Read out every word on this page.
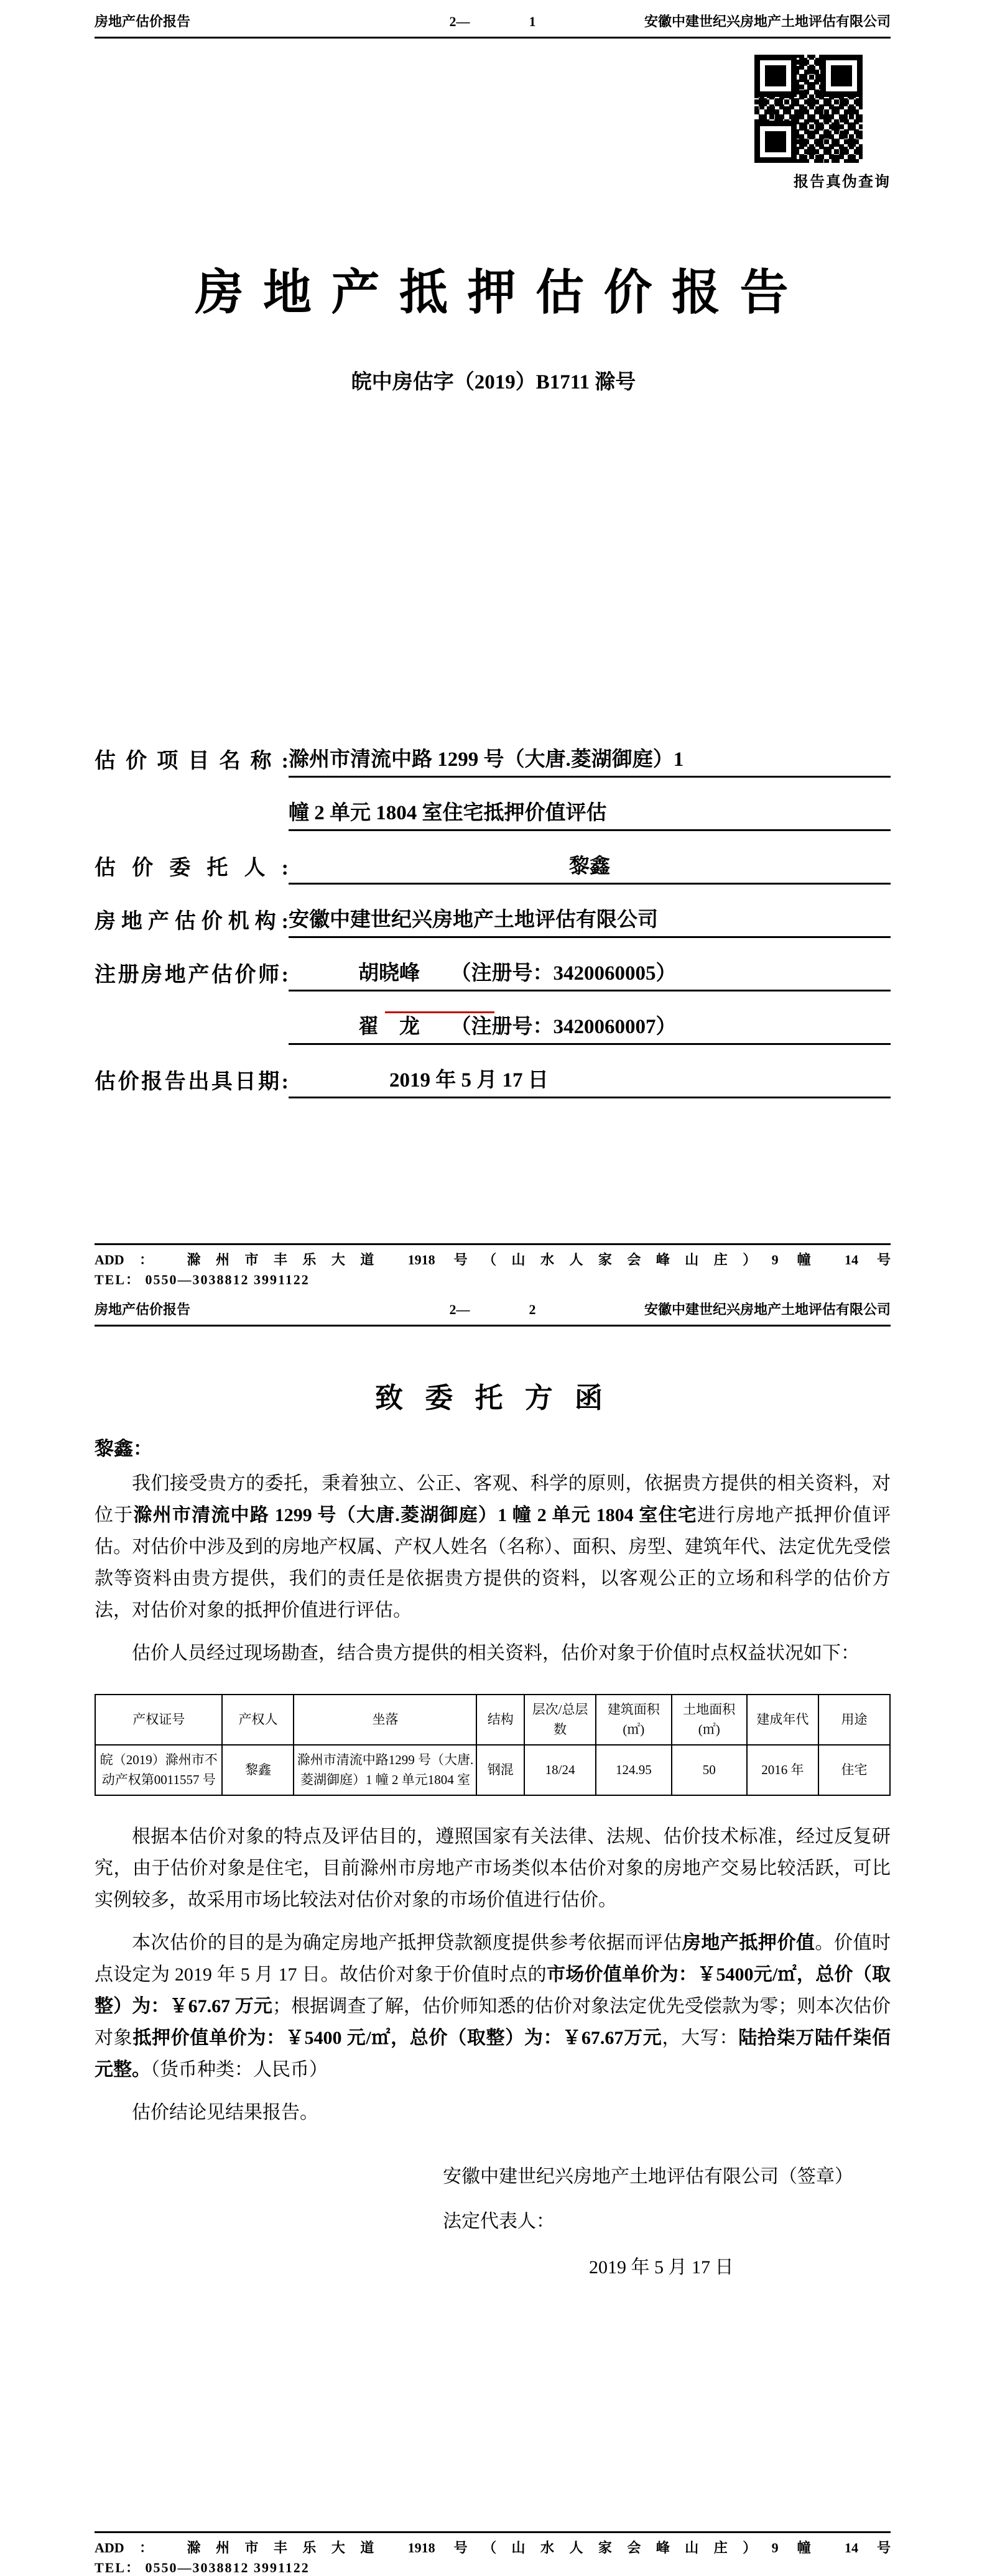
房地产估价报告	2—	1	安徽中建世纪兴房地产土地评估有限公司
报告真伪查询
房 地 产 抵 押 估 价 报 告
皖中房估字（2019）B1711 滁号
估价项目名称: 滁州市清流中路 1299 号（大唐.菱湖御庭）1
幢 2 单元 1804 室住宅抵押价值评估
估价委托人:	黎鑫
房地产估价机构: 安徽中建世纪兴房地产土地评估有限公司
注册房地产估价师:	胡晓峰　　（注册号：3420060005）
翟　龙　　（注册号：3420060007）
估价报告出具日期:	2019 年 5 月 17 日
ADD： 滁州市丰乐大道 1918 号（山水人家会峰山庄）9 幢 14 号
TEL： 0550—3038812 3991122
房地产估价报告	2—	2	安徽中建世纪兴房地产土地评估有限公司
致 委 托 方 函
黎鑫：

我们接受贵方的委托，秉着独立、公正、客观、科学的原则，依据贵方提供的相关资料，对位于滁州市清流中路 1299 号（大唐.菱湖御庭）1 幢 2 单元 1804 室住宅进行房地产抵押价值评估。对估价中涉及到的房地产权属、产权人姓名（名称）、面积、房型、建筑年代、法定优先受偿款等资料由贵方提供，我们的责任是依据贵方提供的资料，以客观公正的立场和科学的估价方法，对估价对象的抵押价值进行评估。

估价人员经过现场勘查，结合贵方提供的相关资料，估价对象于价值时点权益状况如下：

产权证号	产权人	坐落	结构	层次/总层数	建筑面积(㎡)	土地面积(㎡)	建成年代	用途
皖（2019）滁州市不动产权第0011557 号	黎鑫	滁州市清流中路1299 号（大唐.菱湖御庭）1 幢 2 单元1804 室	钢混	18/24	124.95	50	2016 年	住宅

根据本估价对象的特点及评估目的，遵照国家有关法律、法规、估价技术标准，经过反复研究，由于估价对象是住宅，目前滁州市房地产市场类似本估价对象的房地产交易比较活跃，可比实例较多，故采用市场比较法对估价对象的市场价值进行估价。

本次估价的目的是为确定房地产抵押贷款额度提供参考依据而评估房地产抵押价值。价值时点设定为 2019 年 5 月 17 日。故估价对象于价值时点的市场价值单价为：￥5400元/㎡，总价（取整）为：￥67.67 万元；根据调查了解，估价师知悉的估价对象法定优先受偿款为零；则本次估价对象抵押价值单价为：￥5400 元/㎡，总价（取整）为：￥67.67万元，大写：陆拾柒万陆仟柒佰元整。（货币种类：人民币）

估价结论见结果报告。

安徽中建世纪兴房地产土地评估有限公司（签章）
法定代表人：
2019 年 5 月 17 日
ADD： 滁州市丰乐大道 1918 号（山水人家会峰山庄）9 幢 14 号
TEL： 0550—3038812 3991122
